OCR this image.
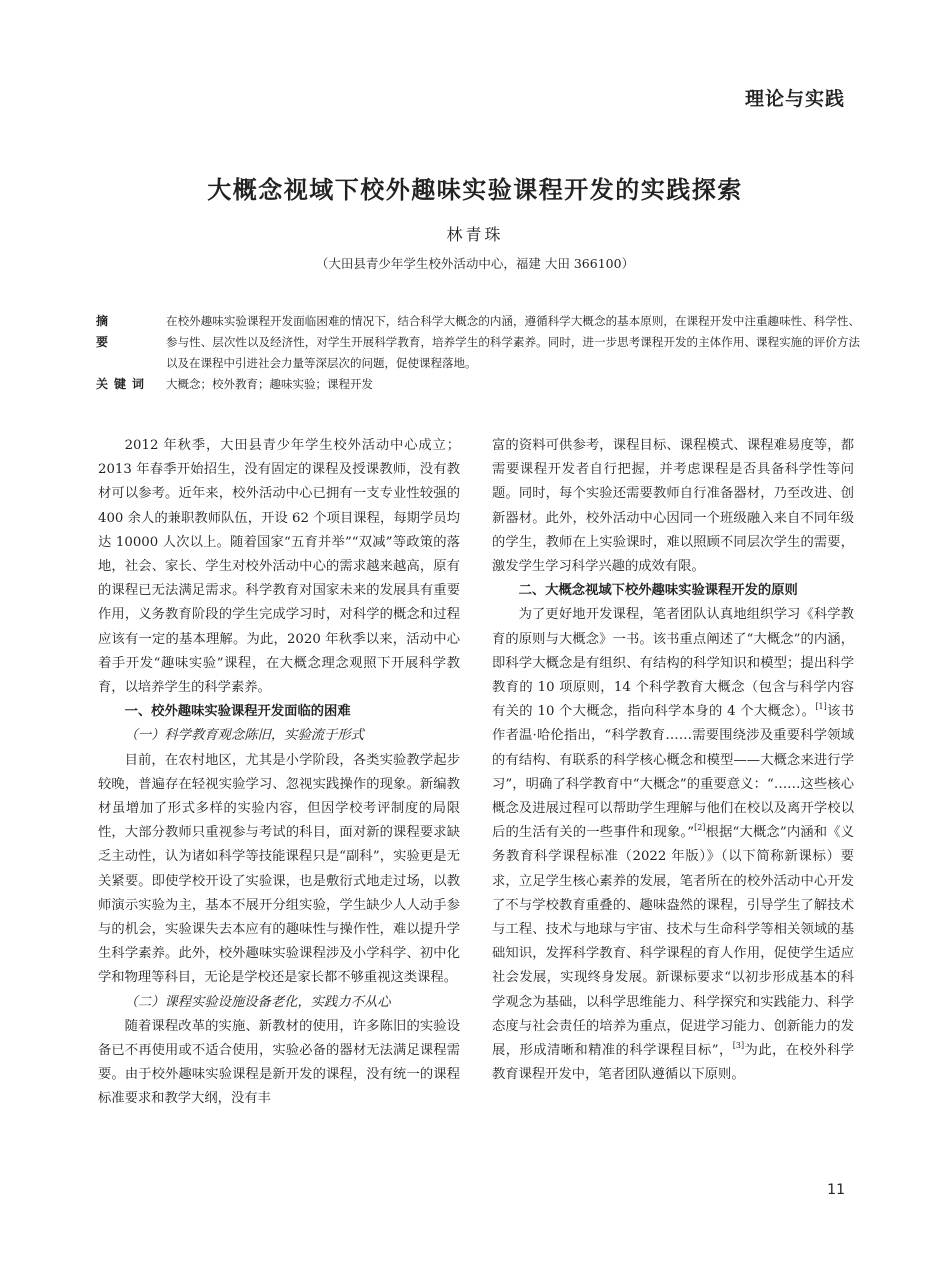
理论与实践
大概念视域下校外趣味实验课程开发的实践探索
林青珠
（大田县青少年学生校外活动中心，福建 大田 366100）
摘要
在校外趣味实验课程开发面临困难的情况下，结合科学大概念的内涵，遵循科学大概念的基本原则，在课程开发中注重趣味性、科学性、参与性、层次性以及经济性，对学生开展科学教育，培养学生的科学素养。同时，进一步思考课程开发的主体作用、课程实施的评价方法以及在课程中引进社会力量等深层次的问题，促使课程落地。
关键词	大概念；校外教育；趣味实验；课程开发

2012 年秋季，大田县青少年学生校外活动中心成立；2013 年春季开始招生，没有固定的课程及授课教师，没有教材可以参考。近年来，校外活动中心已拥有一支专业性较强的 400 余人的兼职教师队伍，开设 62 个项目课程，每期学员均达 10000 人次以上。随着国家“五育并举”“双减”等政策的落地，社会、家长、学生对校外活动中心的需求越来越高，原有的课程已无法满足需求。科学教育对国家未来的发展具有重要作用，义务教育阶段的学生完成学习时，对科学的概念和过程应该有一定的基本理解。为此，2020 年秋季以来，活动中心着手开发“趣味实验”课程，在大概念理念观照下开展科学教育，以培养学生的科学素养。

一、校外趣味实验课程开发面临的困难
（一）科学教育观念陈旧，实验流于形式

目前，在农村地区，尤其是小学阶段，各类实验教学起步较晚，普遍存在轻视实验学习、忽视实践操作的现象。新编教材虽增加了形式多样的实验内容，但因学校考评制度的局限性，大部分教师只重视参与考试的科目，面对新的课程要求缺乏主动性，认为诸如科学等技能课程只是“副科”，实验更是无关紧要。即使学校开设了实验课，也是敷衍式地走过场，以教师演示实验为主，基本不展开分组实验，学生缺少人人动手参与的机会，实验课失去本应有的趣味性与操作性，难以提升学生科学素养。此外，校外趣味实验课程涉及小学科学、初中化学和物理等科目，无论是学校还是家长都不够重视这类课程。

（二）课程实验设施设备老化，实践力不从心

随着课程改革的实施、新教材的使用，许多陈旧的实验设备已不再使用或不适合使用，实验必备的器材无法满足课程需要。由于校外趣味实验课程是新开发的课程，没有统一的课程标准要求和教学大纲，没有丰

富的资料可供参考，课程目标、课程模式、课程难易度等，都需要课程开发者自行把握，并考虑课程是否具备科学性等问题。同时，每个实验还需要教师自行准备器材，乃至改进、创新器材。此外，校外活动中心因同一个班级融入来自不同年级的学生，教师在上实验课时，难以照顾不同层次学生的需要，激发学生学习科学兴趣的成效有限。

二、大概念视域下校外趣味实验课程开发的原则

为了更好地开发课程，笔者团队认真地组织学习《科学教育的原则与大概念》一书。该书重点阐述了“大概念”的内涵，即科学大概念是有组织、有结构的科学知识和模型；提出科学教育的 10 项原则，14 个科学教育大概念（包含与科学内容有关的 10 个大概念，指向科学本身的 4 个大概念）。[1]该书作者温·哈伦指出，“科学教育……需要围绕涉及重要科学领域的有结构、有联系的科学核心概念和模型——大概念来进行学习”，明确了科学教育中“大概念”的重要意义：“……这些核心概念及进展过程可以帮助学生理解与他们在校以及离开学校以后的生活有关的一些事件和现象。”[2]根据“大概念”内涵和《义务教育科学课程标准（2022 年版）》（以下简称新课标）要求，立足学生核心素养的发展，笔者所在的校外活动中心开发了不与学校教育重叠的、趣味盎然的课程，引导学生了解技术与工程、技术与地球与宇宙、技术与生命科学等相关领域的基础知识，发挥科学教育、科学课程的育人作用，促使学生适应社会发展，实现终身发展。新课标要求“以初步形成基本的科学观念为基础，以科学思维能力、科学探究和实践能力、科学态度与社会责任的培养为重点，促进学习能力、创新能力的发展，形成清晰和精准的科学课程目标”，[3]为此，在校外科学教育课程开发中，笔者团队遵循以下原则。

11
